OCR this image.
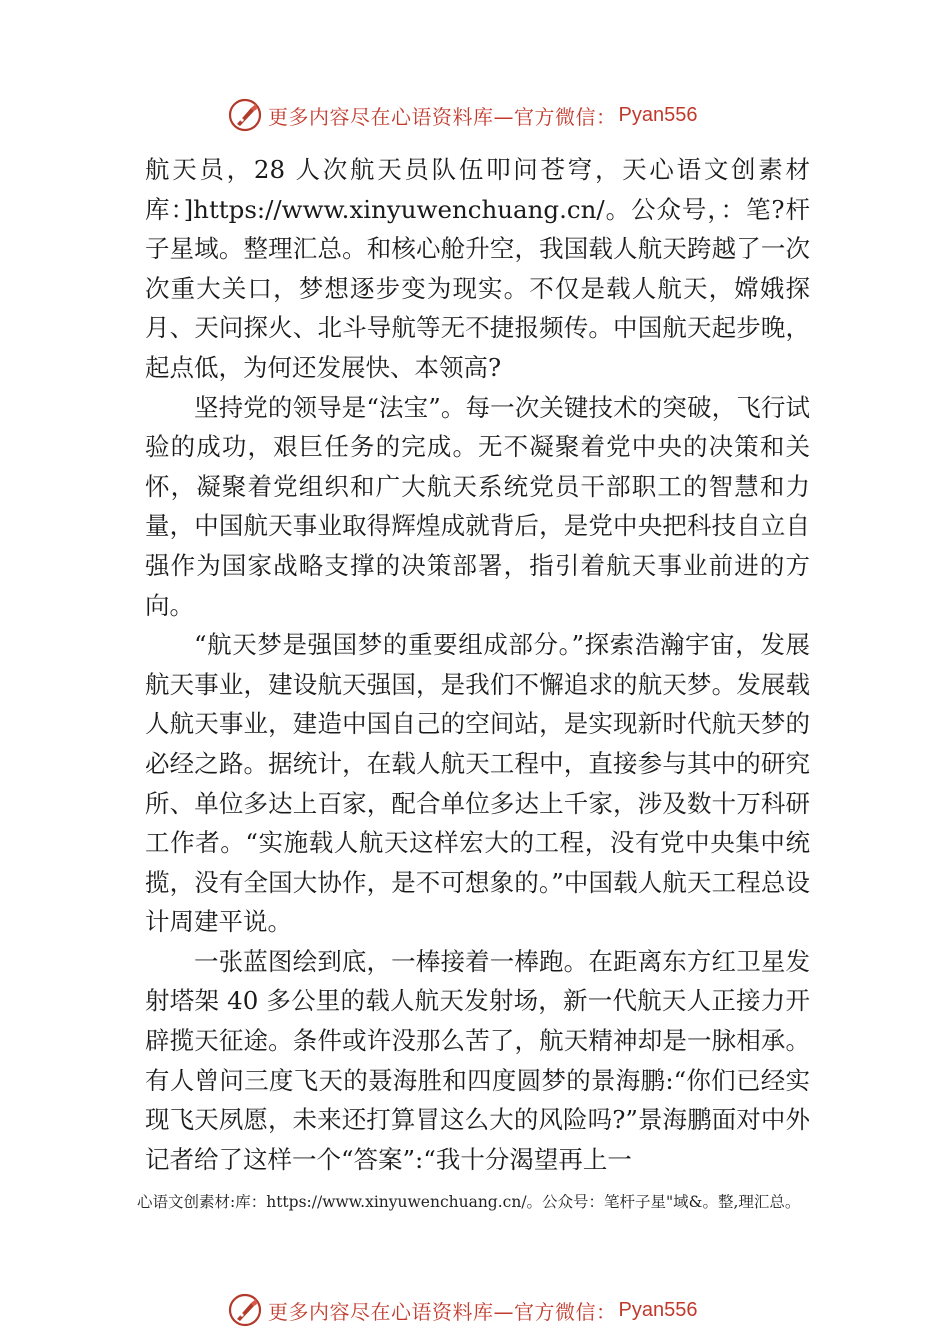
更多内容尽在心语资料库—官方微信： Pyan556

航天员，28 人次航天员队伍叩问苍穹，天心语文创素材库：]https://www.xinyuwenchuang.cn/。公众号，：笔?杆子星域。整理汇总。和核心舱升空，我国载人航天跨越了一次次重大关口，梦想逐步变为现实。不仅是载人航天，嫦娥探月、天问探火、北斗导航等无不捷报频传。中国航天起步晚，起点低，为何还发展快、本领高?

坚持党的领导是“法宝”。每一次关键技术的突破，飞行试验的成功，艰巨任务的完成。无不凝聚着党中央的决策和关怀，凝聚着党组织和广大航天系统党员干部职工的智慧和力量，中国航天事业取得辉煌成就背后，是党中央把科技自立自强作为国家战略支撑的决策部署，指引着航天事业前进的方向。

“航天梦是强国梦的重要组成部分。”探索浩瀚宇宙，发展航天事业，建设航天强国，是我们不懈追求的航天梦。发展载人航天事业，建造中国自己的空间站，是实现新时代航天梦的必经之路。据统计，在载人航天工程中，直接参与其中的研究所、单位多达上百家，配合单位多达上千家，涉及数十万科研工作者。“实施载人航天这样宏大的工程，没有党中央集中统揽，没有全国大协作，是不可想象的。”中国载人航天工程总设计周建平说。

一张蓝图绘到底，一棒接着一棒跑。在距离东方红卫星发射塔架 40 多公里的载人航天发射场，新一代航天人正接力开辟揽天征途。条件或许没那么苦了，航天精神却是一脉相承。有人曾问三度飞天的聂海胜和四度圆梦的景海鹏:“你们已经实现飞天夙愿，未来还打算冒这么大的风险吗?”景海鹏面对中外记者给了这样一个“答案”:“我十分渴望再上一

心语文创素材:库：https://www.xinyuwenchuang.cn/。公众号：笔杆子星"域&。整,理汇总。
更多内容尽在心语资料库—官方微信： Pyan556
